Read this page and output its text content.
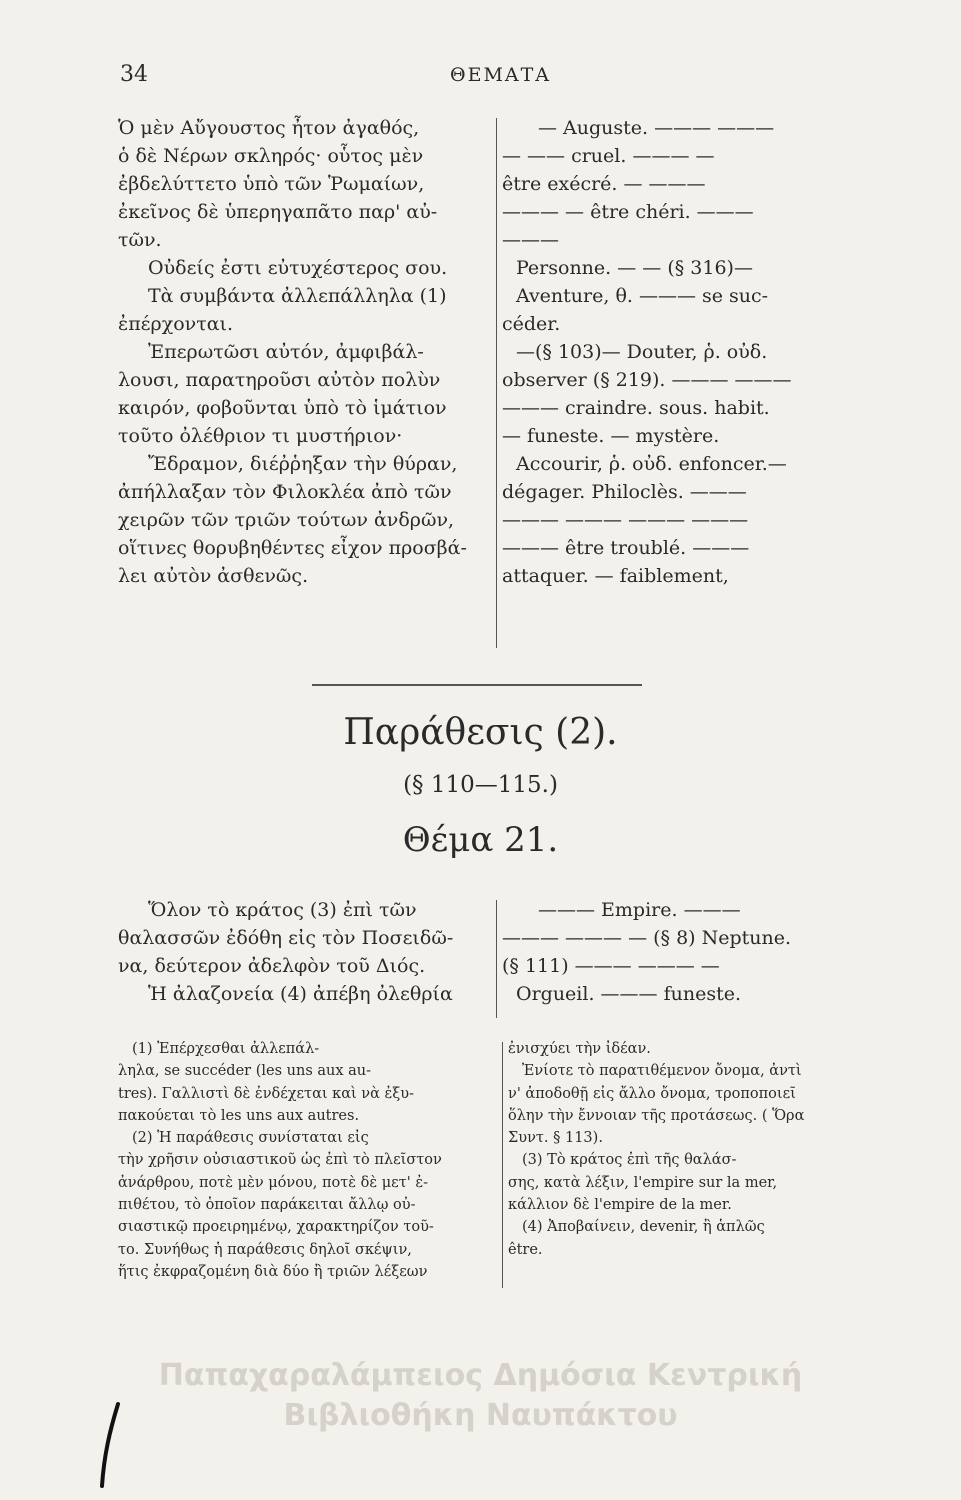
34	ΘΕΜΑΤΑ

Ὁ μὲν Αὔγουστος ἦτον ἀγαθός,

ὁ δὲ Νέρων σκληρός· οὗτος μὲν

ἐβδελύττετο ὑπὸ τῶν Ῥωμαίων,

ἐκεῖνος δὲ ὑπερηγαπᾶτο παρ' αὐ-

τῶν.

Οὐδείς ἐστι εὐτυχέστερος σου.

Τὰ συμβάντα ἀλλεπάλληλα (1)

ἐπέρχονται.

Ἐπερωτῶσι αὐτόν, ἀμφιβάλ-

λουσι, παρατηροῦσι αὐτὸν πολὺν

καιρόν, φοβοῦνται ὑπὸ τὸ ἱμάτιον

τοῦτο ὀλέθριον τι μυστήριον·

Ἔδραμον, διέῤῥηξαν τὴν θύραν,

ἀπήλλαξαν τὸν Φιλοκλέα ἀπὸ τῶν

χειρῶν τῶν τριῶν τούτων ἀνδρῶν,

οἵτινες θορυβηθέντες εἶχον προσβά-

λει αὐτὸν ἀσθενῶς.

— Auguste. ——— ———

— —— cruel. ——— —

être exécré. — ———

——— — être chéri. ———

———

Personne. — — (§ 316)—

Aventure, θ. ——— se suc-

céder.

—(§ 103)— Douter, ῥ. οὐδ.

observer (§ 219). ——— ———

——— craindre. sous. habit.

— funeste. — mystère.

Accourir, ῥ. οὐδ. enfoncer.—

dégager. Philoclès. ———

——— ——— ——— ———

——— être troublé. ———

attaquer. — faiblement,

Παράθεσις (2).
(§ 110—115.)
Θέμα 21.

Ὅλον τὸ κράτος (3) ἐπὶ τῶν

θαλασσῶν ἐδόθη εἰς τὸν Ποσειδῶ-

να, δεύτερον ἀδελφὸν τοῦ Διός.

Ἡ ἀλαζονεία (4) ἀπέβη ὀλεθρία

——— Empire. ———

——— ——— — (§ 8) Neptune.

(§ 111) ——— ——— —

Orgueil. ——— funeste.

(1) Ἐπέρχεσθαι ἀλλεπάλ-

ληλα, se succéder (les uns aux au-

tres). Γαλλιστὶ δὲ ἐνδέχεται καὶ νὰ ἐξυ-

πακούεται τὸ les uns aux autres.

(2) Ἡ παράθεσις συνίσταται εἰς

τὴν χρῆσιν οὐσιαστικοῦ ὡς ἐπὶ τὸ πλεῖστον

ἀνάρθρου, ποτὲ μὲν μόνου, ποτὲ δὲ μετ' ἐ-

πιθέτου, τὸ ὁποῖον παράκειται ἄλλῳ οὐ-

σιαστικῷ προειρημένῳ, χαρακτηρίζον τοῦ-

το. Συνήθως ἡ παράθεσις δηλοῖ σκέψιν,

ἥτις ἐκφραζομένη διὰ δύο ἢ τριῶν λέξεων

ἐνισχύει τὴν ἰδέαν.

Ἐνίοτε τὸ παρατιθέμενον ὄνομα, ἀντὶ

ν' ἀποδοθῇ εἰς ἄλλο ὄνομα, τροποποιεῖ

ὅλην τὴν ἔννοιαν τῆς προτάσεως. ( Ὅρα

Συντ. § 113).

(3) Τὸ κράτος ἐπὶ τῆς θαλάσ-

σης, κατὰ λέξιν, l'empire sur la mer,

κάλλιον δὲ l'empire de la mer.

(4) Ἀποβαίνειν, devenir, ἢ ἁπλῶς

être.

Παπαχαραλάμπειος Δημόσια Κεντρική
Βιβλιοθήκη Ναυπάκτου
